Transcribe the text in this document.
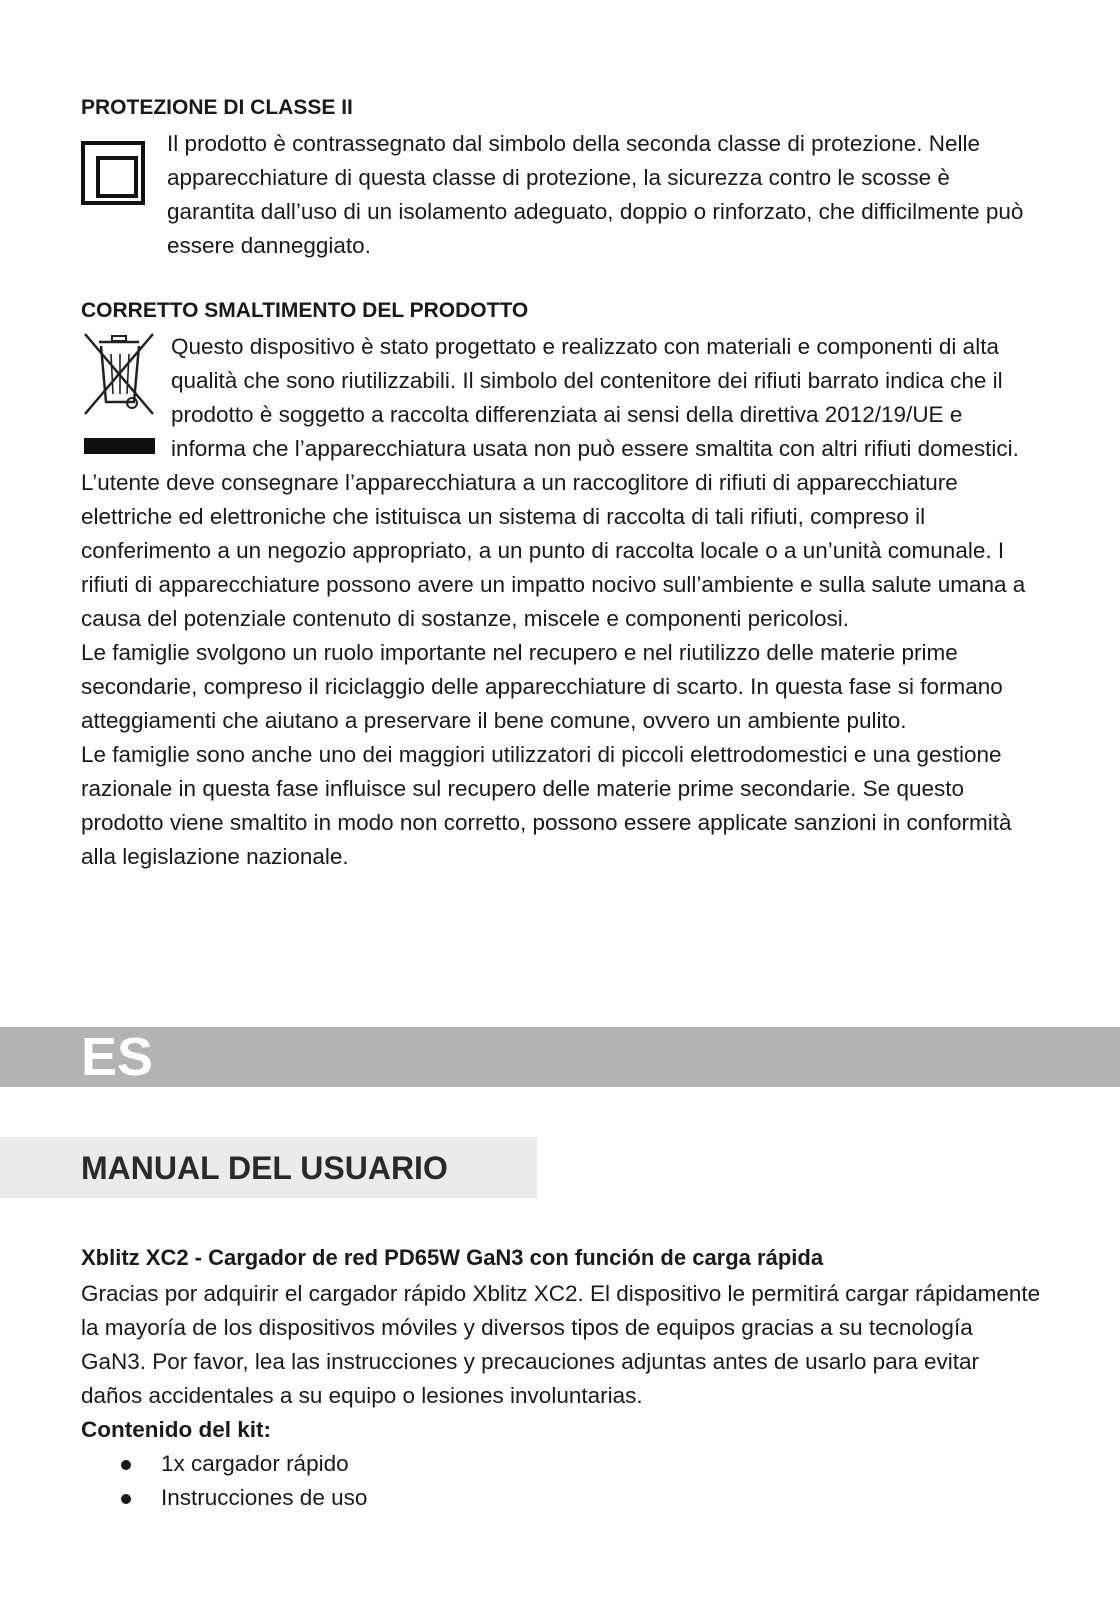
PROTEZIONE DI CLASSE II

Il prodotto è contrassegnato dal simbolo della seconda classe di protezione. Nelle apparecchiature di questa classe di protezione, la sicurezza contro le scosse è garantita dall’uso di un isolamento adeguato, doppio o rinforzato, che difficilmente può essere danneggiato.

CORRETTO SMALTIMENTO DEL PRODOTTO

Questo dispositivo è stato progettato e realizzato con materiali e componenti di alta qualità che sono riutilizzabili. Il simbolo del contenitore dei rifiuti barrato indica che il prodotto è soggetto a raccolta differenziata ai sensi della direttiva 2012/19/UE e informa che l’apparecchiatura usata non può essere smaltita con altri rifiuti domestici.

L’utente deve consegnare l’apparecchiatura a un raccoglitore di rifiuti di apparecchiature elettriche ed elettroniche che istituisca un sistema di raccolta di tali rifiuti, compreso il conferimento a un negozio appropriato, a un punto di raccolta locale o a un’unità comunale. I rifiuti di apparecchiature possono avere un impatto nocivo sull’ambiente e sulla salute umana a causa del potenziale contenuto di sostanze, miscele e componenti pericolosi.

Le famiglie svolgono un ruolo importante nel recupero e nel riutilizzo delle materie prime secondarie, compreso il riciclaggio delle apparecchiature di scarto. In questa fase si formano atteggiamenti che aiutano a preservare il bene comune, ovvero un ambiente pulito.

Le famiglie sono anche uno dei maggiori utilizzatori di piccoli elettrodomestici e una gestione razionale in questa fase influisce sul recupero delle materie prime secondarie. Se questo prodotto viene smaltito in modo non corretto, possono essere applicate sanzioni in conformità alla legislazione nazionale.

ES
MANUAL DEL USUARIO
Xblitz XC2 - Cargador de red PD65W GaN3 con función de carga rápida

Gracias por adquirir el cargador rápido Xblitz XC2. El dispositivo le permitirá cargar rápidamente la mayoría de los dispositivos móviles y diversos tipos de equipos gracias a su tecnología GaN3. Por favor, lea las instrucciones y precauciones adjuntas antes de usarlo para evitar daños accidentales a su equipo o lesiones involuntarias.

Contenido del kit:

1x cargador rápido
Instrucciones de uso
